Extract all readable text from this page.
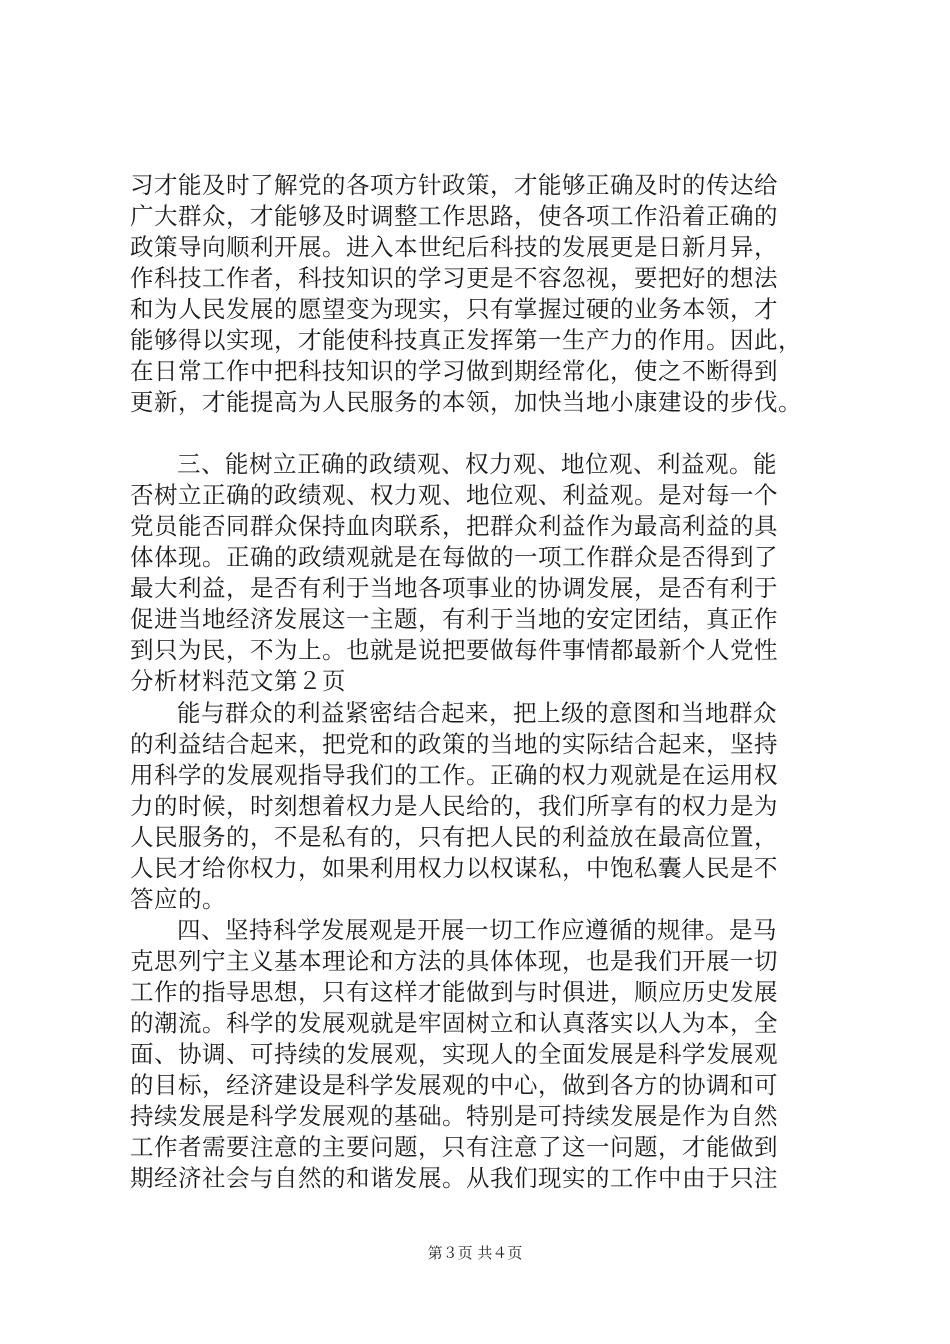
习才能及时了解党的各项方针政策，才能够正确及时的传达给
广大群众，才能够及时调整工作思路，使各项工作沿着正确的
政策导向顺利开展。进入本世纪后科技的发展更是日新月异，
作科技工作者，科技知识的学习更是不容忽视，要把好的想法
和为人民发展的愿望变为现实，只有掌握过硬的业务本领，才
能够得以实现，才能使科技真正发挥第一生产力的作用。因此，
在日常工作中把科技知识的学习做到期经常化，使之不断得到
更新，才能提高为人民服务的本领，加快当地小康建设的步伐。
三、能树立正确的政绩观、权力观、地位观、利益观。能
否树立正确的政绩观、权力观、地位观、利益观。是对每一个
党员能否同群众保持血肉联系，把群众利益作为最高利益的具
体体现。正确的政绩观就是在每做的一项工作群众是否得到了
最大利益，是否有利于当地各项事业的协调发展，是否有利于
促进当地经济发展这一主题，有利于当地的安定团结，真正作
到只为民，不为上。也就是说把要做每件事情都最新个人党性
分析材料范文第２页
能与群众的利益紧密结合起来，把上级的意图和当地群众
的利益结合起来，把党和的政策的当地的实际结合起来，坚持
用科学的发展观指导我们的工作。正确的权力观就是在运用权
力的时候，时刻想着权力是人民给的，我们所享有的权力是为
人民服务的，不是私有的，只有把人民的利益放在最高位置，
人民才给你权力，如果利用权力以权谋私，中饱私囊人民是不
答应的。
四、坚持科学发展观是开展一切工作应遵循的规律。是马
克思列宁主义基本理论和方法的具体体现，也是我们开展一切
工作的指导思想，只有这样才能做到与时俱进，顺应历史发展
的潮流。科学的发展观就是牢固树立和认真落实以人为本，全
面、协调、可持续的发展观，实现人的全面发展是科学发展观
的目标，经济建设是科学发展观的中心，做到各方的协调和可
持续发展是科学发展观的基础。特别是可持续发展是作为自然
工作者需要注意的主要问题，只有注意了这一问题，才能做到
期经济社会与自然的和谐发展。从我们现实的工作中由于只注
第３页 共４页
